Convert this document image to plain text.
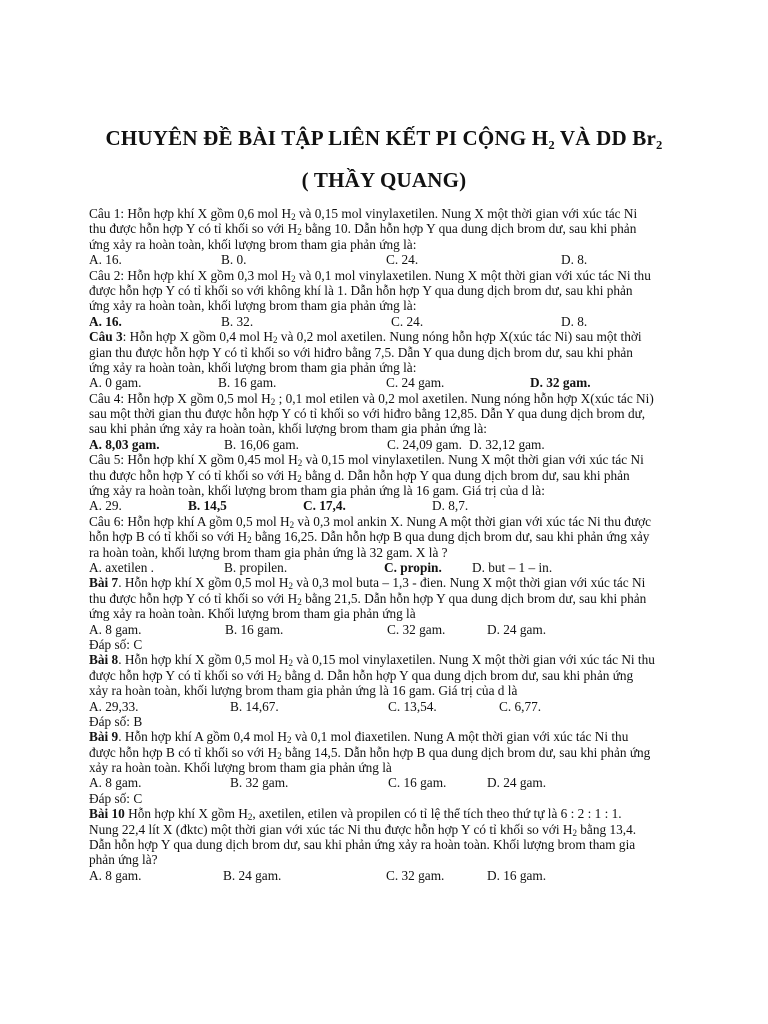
CHUYÊN ĐỀ BÀI TẬP LIÊN KẾT PI CỘNG H₂ VÀ DD Br₂
( THẦY QUANG)
Câu 1: Hỗn hợp khí X gồm 0,6 mol $H_2$ và 0,15 mol vinylaxetilen. Nung X một thời gian với xúc tác Ni
thu được hỗn hợp Y có tỉ khối so với $H_2$ bằng 10. Dẫn hỗn hợp Y qua dung dịch brom dư, sau khi phản
ứng xảy ra hoàn toàn, khối lượng brom tham gia phản ứng là:
A. 16.	B. 0.	C. 24.	D. 8.
Câu 2: Hỗn hợp khí X gồm 0,3 mol $H_2$ và 0,1 mol vinylaxetilen. Nung X một thời gian với xúc tác Ni thu
được hỗn hợp Y có tỉ khối so với không khí là 1. Dẫn hỗn hợp Y qua dung dịch brom dư, sau khi phản
ứng xảy ra hoàn toàn, khối lượng brom tham gia phản ứng là:
A. 16.	B. 32.	C. 24.	D. 8.
Câu 3: Hỗn hợp X gồm 0,4 mol $H_2$ và 0,2 mol axetilen. Nung nóng hỗn hợp X(xúc tác Ni) sau một thời
gian thu được hỗn hợp Y có tỉ khối so với hiđro bằng 7,5. Dẫn Y qua dung dịch brom dư, sau khi phản
ứng xảy ra hoàn toàn, khối lượng brom tham gia phản ứng là:
A. 0 gam.	B. 16 gam.	C. 24 gam.	D. 32 gam.
Câu 4: Hỗn hợp X gồm 0,5 mol $H_2$ ; 0,1 mol etilen và 0,2 mol axetilen. Nung nóng hỗn hợp X(xúc tác Ni)
sau một thời gian thu được hỗn hợp Y có tỉ khối so với hiđro bằng 12,85. Dẫn Y qua dung dịch brom dư,
sau khi phản ứng xảy ra hoàn toàn, khối lượng brom tham gia phản ứng là:
A. 8,03 gam.	B. 16,06 gam.	C. 24,09 gam. D. 32,12 gam.
Câu 5: Hỗn hợp khí X gồm 0,45 mol $H_2$ và 0,15 mol vinylaxetilen. Nung X một thời gian với xúc tác Ni
thu được hỗn hợp Y có tỉ khối so với $H_2$ bằng d. Dẫn hỗn hợp Y qua dung dịch brom dư, sau khi phản
ứng xảy ra hoàn toàn, khối lượng brom tham gia phản ứng là 16 gam. Giá trị của d là:
A. 29.	B. 14,5	C. 17,4.	D. 8,7.
Câu 6: Hỗn hợp khí A gồm 0,5 mol $H_2$ và 0,3 mol ankin X. Nung A một thời gian với xúc tác Ni thu được
hỗn hợp B có tỉ khối so với $H_2$ bằng 16,25. Dẫn hỗn hợp B qua dung dịch brom dư, sau khi phản ứng xảy
ra hoàn toàn, khối lượng brom tham gia phản ứng là 32 gam. X là ?
A. axetilen .	B. propilen.	C. propin. D. but – 1 – in.
Bài 7. Hỗn hợp khí X gồm 0,5 mol $H_2$ và 0,3 mol buta – 1,3 - đien. Nung X một thời gian với xúc tác Ni
thu được hỗn hợp Y có tỉ khối so với $H_2$ bằng 21,5. Dẫn hỗn hợp Y qua dung dịch brom dư, sau khi phản
ứng xảy ra hoàn toàn. Khối lượng brom tham gia phản ứng là
A. 8 gam.	B. 16 gam.	C. 32 gam.	D. 24 gam.
Đáp số: C
Bài 8. Hỗn hợp khí X gồm 0,5 mol $H_2$ và 0,15 mol vinylaxetilen. Nung X một thời gian với xúc tác Ni thu
được hỗn hợp Y có tỉ khối so với $H_2$ bằng d. Dẫn hỗn hợp Y qua dung dịch brom dư, sau khi phản ứng
xảy ra hoàn toàn, khối lượng brom tham gia phản ứng là 16 gam. Giá trị của d là
A. 29,33.	B. 14,67.	C. 13,54.	C. 6,77.
Đáp số: B
Bài 9. Hỗn hợp khí A gồm 0,4 mol $H_2$ và 0,1 mol điaxetilen. Nung A một thời gian với xúc tác Ni thu
được hỗn hợp B có tỉ khối so với $H_2$ bằng 14,5. Dẫn hỗn hợp B qua dung dịch brom dư, sau khi phản ứng
xảy ra hoàn toàn. Khối lượng brom tham gia phản ứng là
A. 8 gam.	B. 32 gam.	C. 16 gam.	D. 24 gam.
Đáp số: C
Bài 10 Hỗn hợp khí X gồm $H_2$, axetilen, etilen và propilen có tỉ lệ thể tích theo thứ tự là 6 : 2 : 1 : 1.
Nung 22,4 lít X (đktc) một thời gian với xúc tác Ni thu được hỗn hợp Y có tỉ khối so với $H_2$ bằng 13,4.
Dẫn hỗn hợp Y qua dung dịch brom dư, sau khi phản ứng xảy ra hoàn toàn. Khối lượng brom tham gia
phản ứng là?
A. 8 gam.	B. 24 gam.	C. 32 gam.	D. 16 gam.
